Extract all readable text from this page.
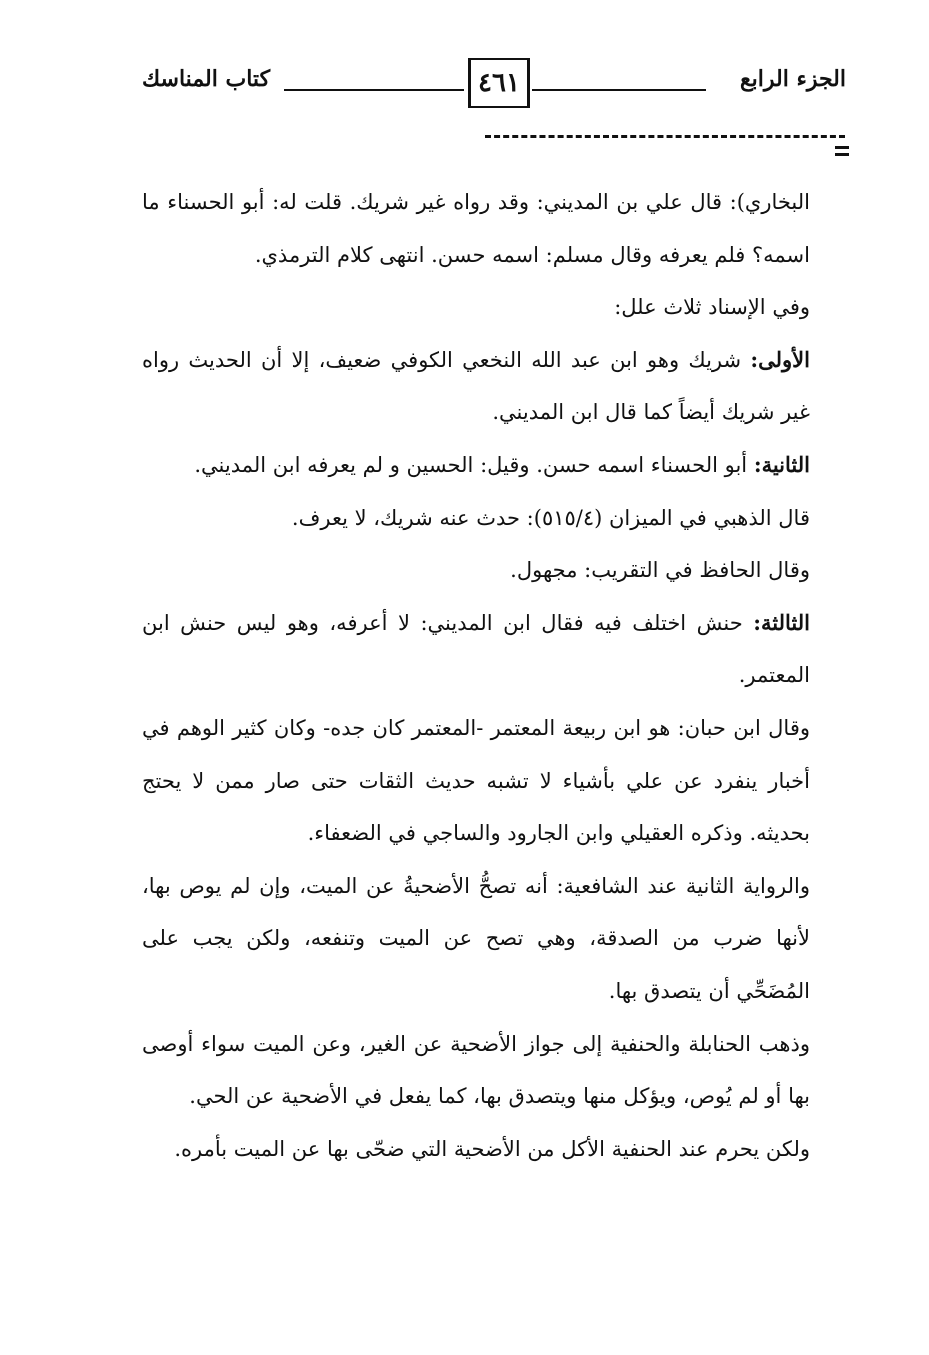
كتاب المناسك	٤٦١	الجزء الرابع

البخاري): قال علي بن المديني: وقد رواه غير شريك. قلت له: أبو الحسناء ما اسمه؟ فلم يعرفه وقال مسلم: اسمه حسن. انتهى كلام الترمذي.

وفي الإسناد ثلاث علل:

الأولى: شريك وهو ابن عبد الله النخعي الكوفي ضعيف، إلا أن الحديث رواه غير شريك أيضاً كما قال ابن المديني.

الثانية: أبو الحسناء اسمه حسن. وقيل: الحسين و لم يعرفه ابن المديني.

قال الذهبي في الميزان (٥١٥/٤): حدث عنه شريك، لا يعرف.

وقال الحافظ في التقريب: مجهول.

الثالثة: حنش اختلف فيه فقال ابن المديني: لا أعرفه، وهو ليس حنش ابن المعتمر.

وقال ابن حبان: هو ابن ربيعة المعتمر -المعتمر كان جده- وكان كثير الوهم في أخبار ينفرد عن علي بأشياء لا تشبه حديث الثقات حتى صار ممن لا يحتج بحديثه. وذكره العقيلي وابن الجارود والساجي في الضعفاء.

والرواية الثانية عند الشافعية: أنه تصحُّ الأضحيةُ عن الميت، وإن لم يوص بها، لأنها ضرب من الصدقة، وهي تصح عن الميت وتنفعه، ولكن يجب على المُضَحِّي أن يتصدق بها.

وذهب الحنابلة والحنفية إلى جواز الأضحية عن الغير، وعن الميت سواء أوصى بها أو لم يُوص، ويؤكل منها ويتصدق بها، كما يفعل في الأضحية عن الحي.

ولكن يحرم عند الحنفية الأكل من الأضحية التي ضحّى بها عن الميت بأمره.
